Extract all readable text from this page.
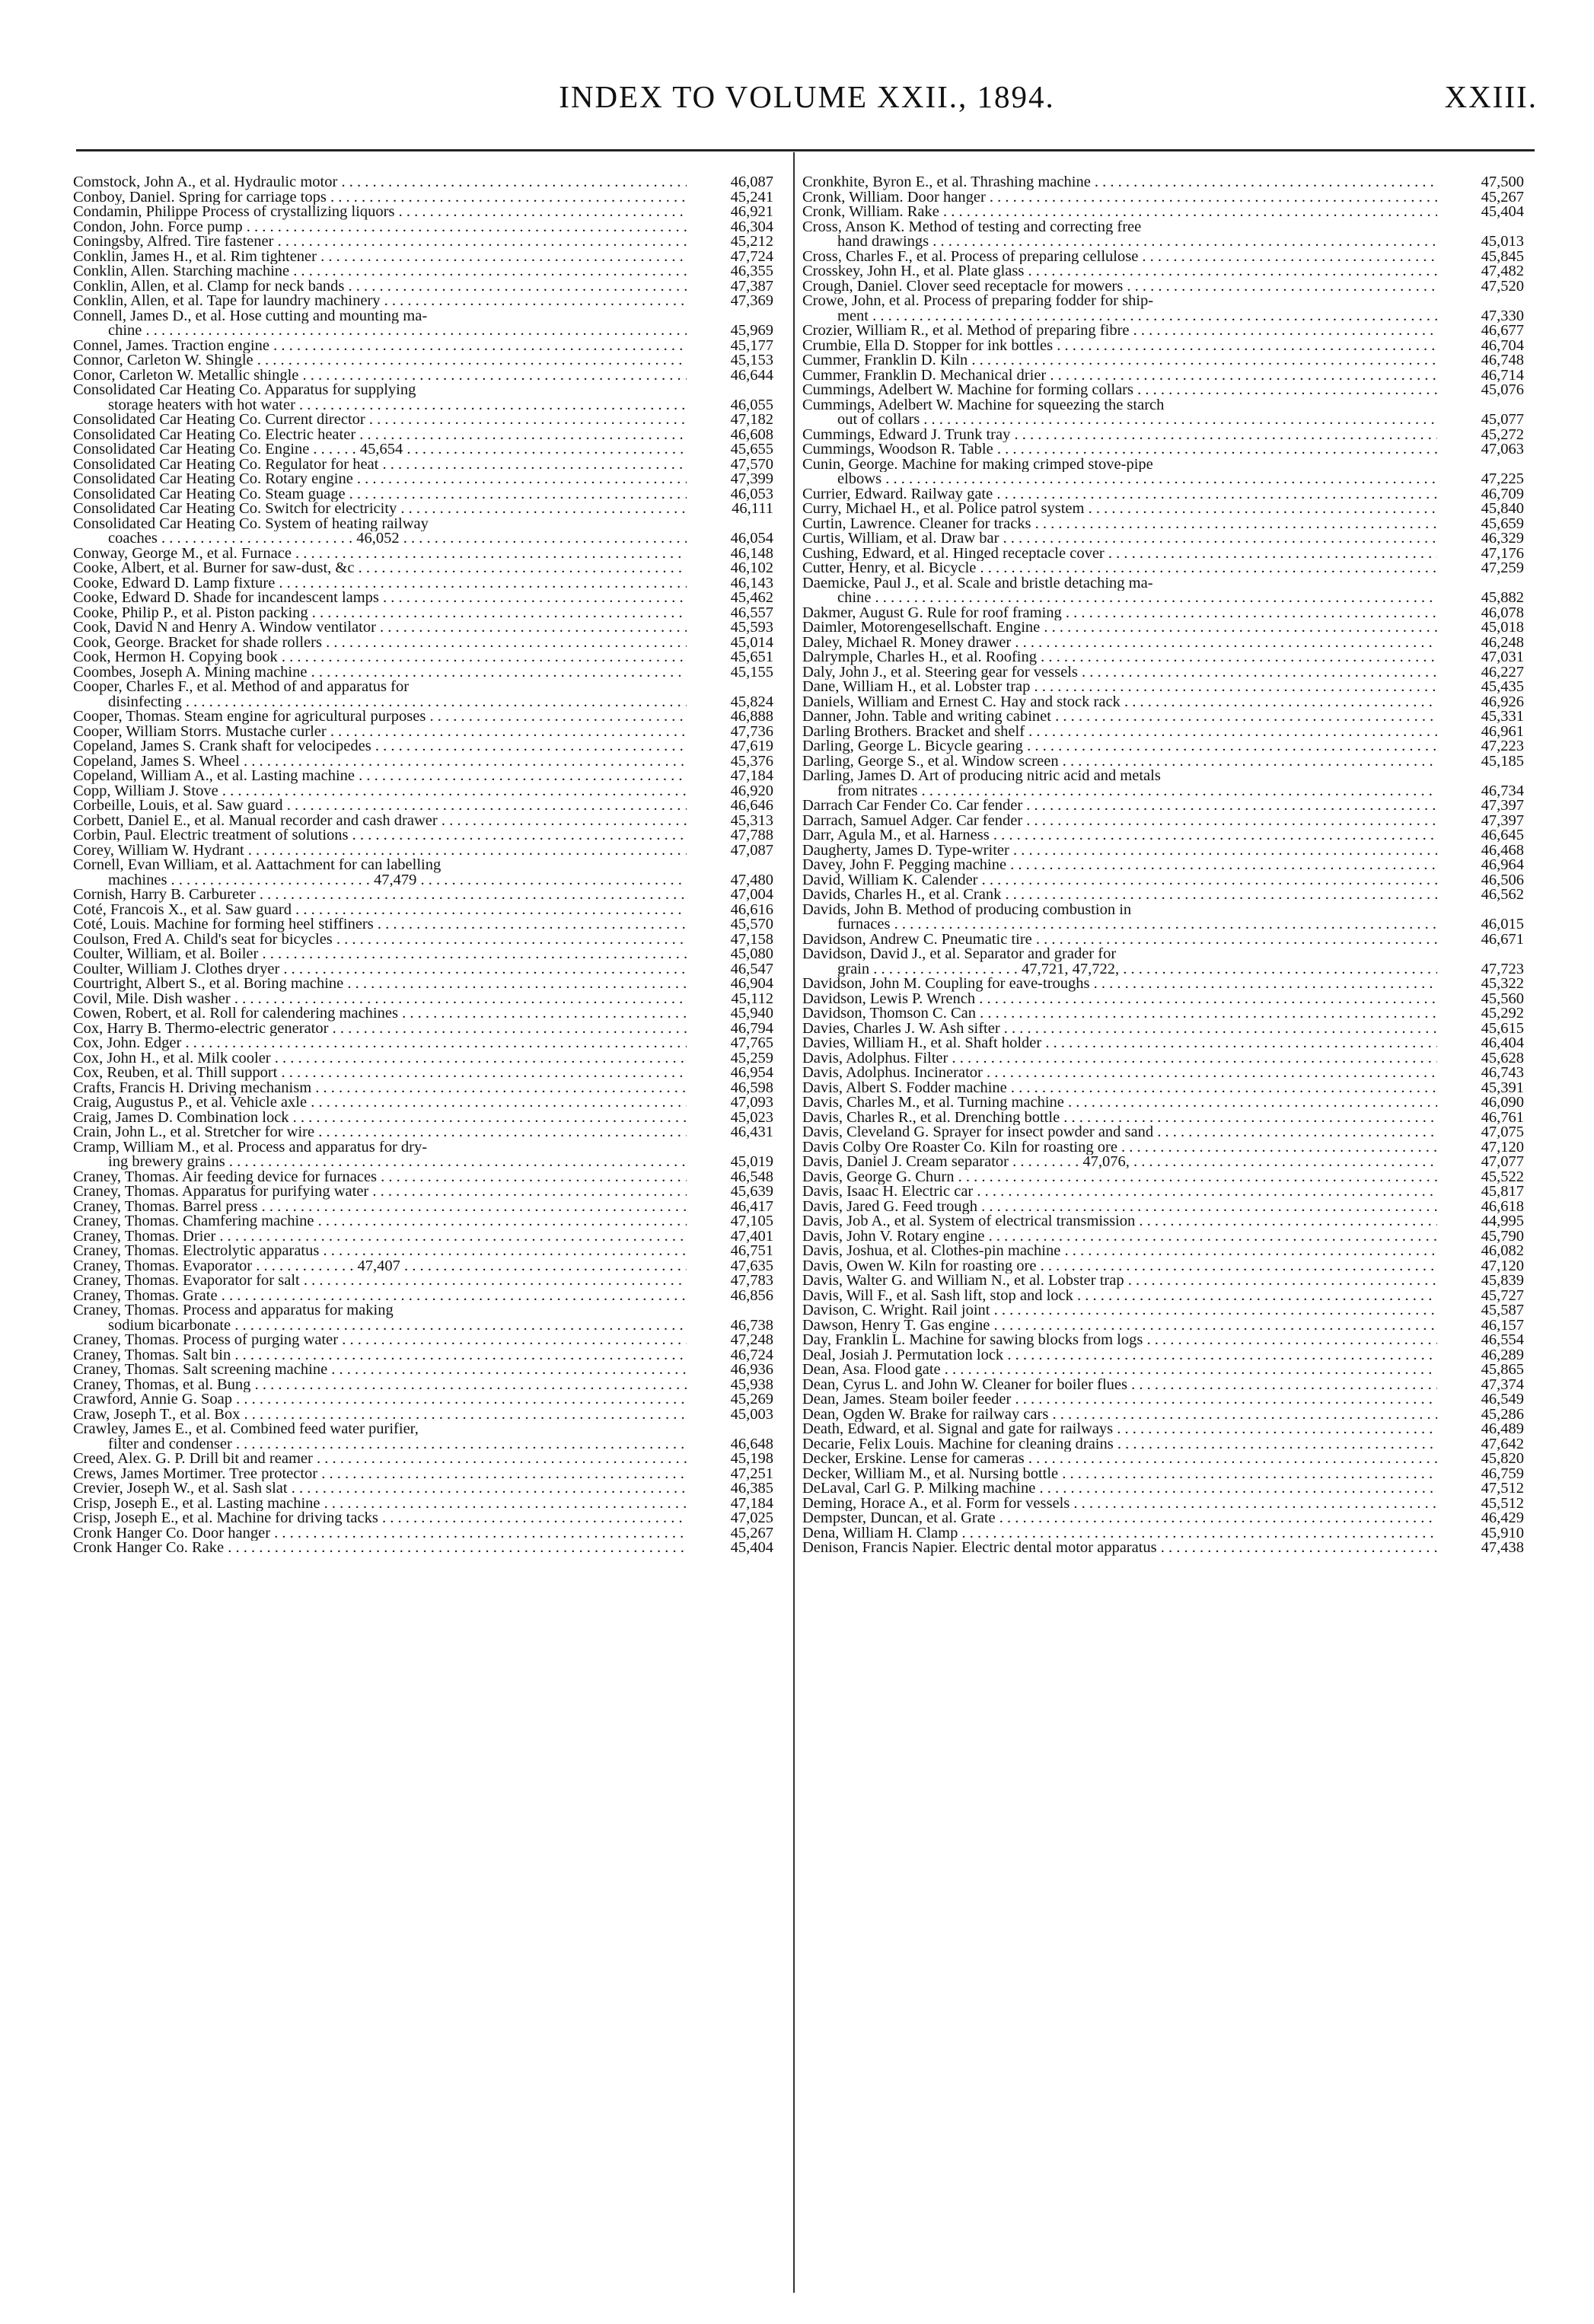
INDEX TO VOLUME XXII., 1894.	XXIII.
Comstock, John A., et al. Hydraulic motor . . .	46,087
Conboy, Daniel. Spring for carriage tops . . .	45,241
Condamin, Philippe Process of crystallizing liquors . . .	46,921
Condon, John. Force pump . . .	46,304
Coningsby, Alfred. Tire fastener . . .	45,212
Conklin, James H., et al. Rim tightener . . .	47,724
Conklin, Allen. Starching machine . . .	46,355
Conklin, Allen, et al. Clamp for neck bands . . .	47,387
Conklin, Allen, et al. Tape for laundry machinery . . .	47,369
Connell, James D., et al. Hose cutting and mounting ma-
chine . . .	45,969
Connel, James. Traction engine . . .	45,177
Connor, Carleton W. Shingle . . .	45,153
Conor, Carleton W. Metallic shingle . . .	46,644
Consolidated Car Heating Co. Apparatus for supplying
storage heaters with hot water . . .	46,055
Consolidated Car Heating Co. Current director . . .	47,182
Consolidated Car Heating Co. Electric heater . . .	46,608
Consolidated Car Heating Co. Engine . . . . . . 45,654 . . .	45,655
Consolidated Car Heating Co. Regulator for heat . . .	47,570
Consolidated Car Heating Co. Rotary engine . . .	47,399
Consolidated Car Heating Co. Steam guage . . .	46,053
Consolidated Car Heating Co. Switch for electricity . . .	46,111
Consolidated Car Heating Co. System of heating railway
coaches . . . . . . . . . . . . . . . . . . . . . . . . . 46,052 . . .	46,054
Conway, George M., et al. Furnace . . .	46,148
Cooke, Albert, et al. Burner for saw-dust, &c . . .	46,102
Cooke, Edward D. Lamp fixture . . .	46,143
Cooke, Edward D. Shade for incandescent lamps . . .	45,462
Cooke, Philip P., et al. Piston packing . . .	46,557
Cook, David N and Henry A. Window ventilator . . .	45,593
Cook, George. Bracket for shade rollers . . .	45,014
Cook, Hermon H. Copying book . . .	45,651
Coombes, Joseph A. Mining machine . . .	45,155
Cooper, Charles F., et al. Method of and apparatus for
disinfecting . . .	45,824
Cooper, Thomas. Steam engine for agricultural purposes . . .	46,888
Cooper, William Storrs. Mustache curler . . .	47,736
Copeland, James S. Crank shaft for velocipedes . . .	47,619
Copeland, James S. Wheel . . .	45,376
Copeland, William A., et al. Lasting machine . . .	47,184
Copp, William J. Stove . . .	46,920
Corbeille, Louis, et al. Saw guard . . .	46,646
Corbett, Daniel E., et al. Manual recorder and cash drawer . . .	45,313
Corbin, Paul. Electric treatment of solutions . . .	47,788
Corey, William W. Hydrant . . .	47,087
Cornell, Evan William, et al. Aattachment for can labelling
machines . . . . . . . . . . . . . . . . . . . . . . . . . . 47,479 . . .	47,480
Cornish, Harry B. Carbureter . . .	47,004
Coté, Francois X., et al. Saw guard . . .	46,616
Coté, Louis. Machine for forming heel stiffiners . . .	45,570
Coulson, Fred A. Child's seat for bicycles . . .	47,158
Coulter, William, et al. Boiler . . .	45,080
Coulter, William J. Clothes dryer . . .	46,547
Courtright, Albert S., et al. Boring machine . . .	46,904
Covil, Mile. Dish washer . . .	45,112
Cowen, Robert, et al. Roll for calendering machines . . .	45,940
Cox, Harry B. Thermo-electric generator . . .	46,794
Cox, John. Edger . . .	47,765
Cox, John H., et al. Milk cooler . . .	45,259
Cox, Reuben, et al. Thill support . . .	46,954
Crafts, Francis H. Driving mechanism . . .	46,598
Craig, Augustus P., et al. Vehicle axle . . .	47,093
Craig, James D. Combination lock . . .	45,023
Crain, John L., et al. Stretcher for wire . . .	46,431
Cramp, William M., et al. Process and apparatus for dry-
ing brewery grains . . .	45,019
Craney, Thomas. Air feeding device for furnaces . . .	46,548
Craney, Thomas. Apparatus for purifying water . . .	45,639
Craney, Thomas. Barrel press . . .	46,417
Craney, Thomas. Chamfering machine . . .	47,105
Craney, Thomas. Drier . . .	47,401
Craney, Thomas. Electrolytic apparatus . . .	46,751
Craney, Thomas. Evaporator . . . . . . . . . . . . . 47,407 . . .	47,635
Craney, Thomas. Evaporator for salt . . .	47,783
Craney, Thomas. Grate . . .	46,856
Craney, Thomas. Process and apparatus for making
sodium bicarbonate . . .	46,738
Craney, Thomas. Process of purging water . . .	47,248
Craney, Thomas. Salt bin . . .	46,724
Craney, Thomas. Salt screening machine . . .	46,936
Craney, Thomas, et al. Bung . . .	45,938
Crawford, Annie G. Soap . . .	45,269
Craw, Joseph T., et al. Box . . .	45,003
Crawley, James E., et al. Combined feed water purifier,
filter and condenser . . .	46,648
Creed, Alex. G. P. Drill bit and reamer . . .	45,198
Crews, James Mortimer. Tree protector . . .	47,251
Crevier, Joseph W., et al. Sash slat . . .	46,385
Crisp, Joseph E., et al. Lasting machine . . .	47,184
Crisp, Joseph E., et al. Machine for driving tacks . . .	47,025
Cronk Hanger Co. Door hanger . . .	45,267
Cronk Hanger Co. Rake . . .	45,404
Cronkhite, Byron E., et al. Thrashing machine . . .	47,500
Cronk, William. Door hanger . . .	45,267
Cronk, William. Rake . . .	45,404
Cross, Anson K. Method of testing and correcting free
hand drawings . . .	45,013
Cross, Charles F., et al. Process of preparing cellulose . . .	45,845
Crosskey, John H., et al. Plate glass . . .	47,482
Crough, Daniel. Clover seed receptacle for mowers . . .	47,520
Crowe, John, et al. Process of preparing fodder for ship-
ment . . .	47,330
Crozier, William R., et al. Method of preparing fibre . . .	46,677
Crumbie, Ella D. Stopper for ink bottles . . .	46,704
Cummer, Franklin D. Kiln . . .	46,748
Cummer, Franklin D. Mechanical drier . . .	46,714
Cummings, Adelbert W. Machine for forming collars . . .	45,076
Cummings, Adelbert W. Machine for squeezing the starch
out of collars . . .	45,077
Cummings, Edward J. Trunk tray . . .	45,272
Cummings, Woodson R. Table . . .	47,063
Cunin, George. Machine for making crimped stove-pipe
elbows . . .	47,225
Currier, Edward. Railway gate . . .	46,709
Curry, Michael H., et al. Police patrol system . . .	45,840
Curtin, Lawrence. Cleaner for tracks . . .	45,659
Curtis, William, et al. Draw bar . . .	46,329
Cushing, Edward, et al. Hinged receptacle cover . . .	47,176
Cutter, Henry, et al. Bicycle . . .	47,259
Daemicke, Paul J., et al. Scale and bristle detaching ma-
chine . . .	45,882
Dakmer, August G. Rule for roof framing . . .	46,078
Daimler, Motorengesellschaft. Engine . . .	45,018
Daley, Michael R. Money drawer . . .	46,248
Dalrymple, Charles H., et al. Roofing . . .	47,031
Daly, John J., et al. Steering gear for vessels . . .	46,227
Dane, William H., et al. Lobster trap . . .	45,435
Daniels, William and Ernest C. Hay and stock rack . . .	46,926
Danner, John. Table and writing cabinet . . .	45,331
Darling Brothers. Bracket and shelf . . .	46,961
Darling, George L. Bicycle gearing . . .	47,223
Darling, George S., et al. Window screen . . .	45,185
Darling, James D. Art of producing nitric acid and metals
from nitrates . . .	46,734
Darrach Car Fender Co. Car fender . . .	47,397
Darrach, Samuel Adger. Car fender . . .	47,397
Darr, Agula M., et al. Harness . . .	46,645
Daugherty, James D. Type-writer . . .	46,468
Davey, John F. Pegging machine . . .	46,964
David, William K. Calender . . .	46,506
Davids, Charles H., et al. Crank . . .	46,562
Davids, John B. Method of producing combustion in
furnaces . . .	46,015
Davidson, Andrew C. Pneumatic tire . . .	46,671
Davidson, David J., et al. Separator and grader for
grain . . . . . . . . . . . . . . . . . . . 47,721, 47,722, . . .	47,723
Davidson, John M. Coupling for eave-troughs . . .	45,322
Davidson, Lewis P. Wrench . . .	45,560
Davidson, Thomson C. Can . . .	45,292
Davies, Charles J. W. Ash sifter . . .	45,615
Davies, William H., et al. Shaft holder . . .	46,404
Davis, Adolphus. Filter . . .	45,628
Davis, Adolphus. Incinerator . . .	46,743
Davis, Albert S. Fodder machine . . .	45,391
Davis, Charles M., et al. Turning machine . . .	46,090
Davis, Charles R., et al. Drenching bottle . . .	46,761
Davis, Cleveland G. Sprayer for insect powder and sand . . .	47,075
Davis Colby Ore Roaster Co. Kiln for roasting ore . . .	47,120
Davis, Daniel J. Cream separator . . . . . . . . . 47,076, . . .	47,077
Davis, George G. Churn . . .	45,522
Davis, Isaac H. Electric car . . .	45,817
Davis, Jared G. Feed trough . . .	46,618
Davis, Job A., et al. System of electrical transmission . . .	44,995
Davis, John V. Rotary engine . . .	45,790
Davis, Joshua, et al. Clothes-pin machine . . .	46,082
Davis, Owen W. Kiln for roasting ore . . .	47,120
Davis, Walter G. and William N., et al. Lobster trap . . .	45,839
Davis, Will F., et al. Sash lift, stop and lock . . .	45,727
Davison, C. Wright. Rail joint . . .	45,587
Dawson, Henry T. Gas engine . . .	46,157
Day, Franklin L. Machine for sawing blocks from logs . . .	46,554
Deal, Josiah J. Permutation lock . . .	46,289
Dean, Asa. Flood gate . . .	45,865
Dean, Cyrus L. and John W. Cleaner for boiler flues . . .	47,374
Dean, James. Steam boiler feeder . . .	46,549
Dean, Ogden W. Brake for railway cars . . .	45,286
Death, Edward, et al. Signal and gate for railways . . .	46,489
Decarie, Felix Louis. Machine for cleaning drains . . .	47,642
Decker, Erskine. Lense for cameras . . .	45,820
Decker, William M., et al. Nursing bottle . . .	46,759
DeLaval, Carl G. P. Milking machine . . .	47,512
Deming, Horace A., et al. Form for vessels . . .	45,512
Dempster, Duncan, et al. Grate . . .	46,429
Dena, William H. Clamp . . .	45,910
Denison, Francis Napier. Electric dental motor apparatus . . .	47,438
